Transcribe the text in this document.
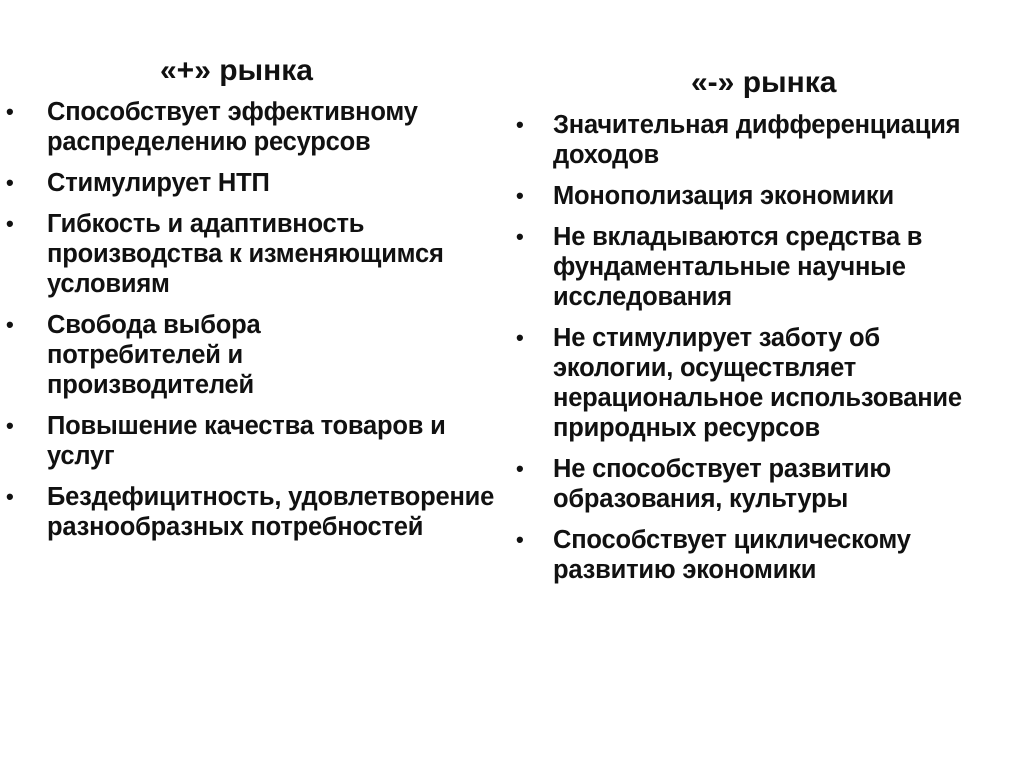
«+» рынка
• Способствует эффективному распределению ресурсов
• Стимулирует НТП
• Гибкость и адаптивность производства к изменяющимся условиям
• Свобода выбора потребителей и производителей
• Повышение качества товаров и услуг
• Бездефицитность, удовлетворение разнообразных потребностей
«-» рынка
• Значительная дифференциация доходов
• Монополизация экономики
• Не вкладываются средства в фундаментальные научные исследования
• Не стимулирует заботу об экологии, осуществляет нерациональное использование природных ресурсов
• Не способствует развитию образования, культуры
• Способствует циклическому развитию экономики
